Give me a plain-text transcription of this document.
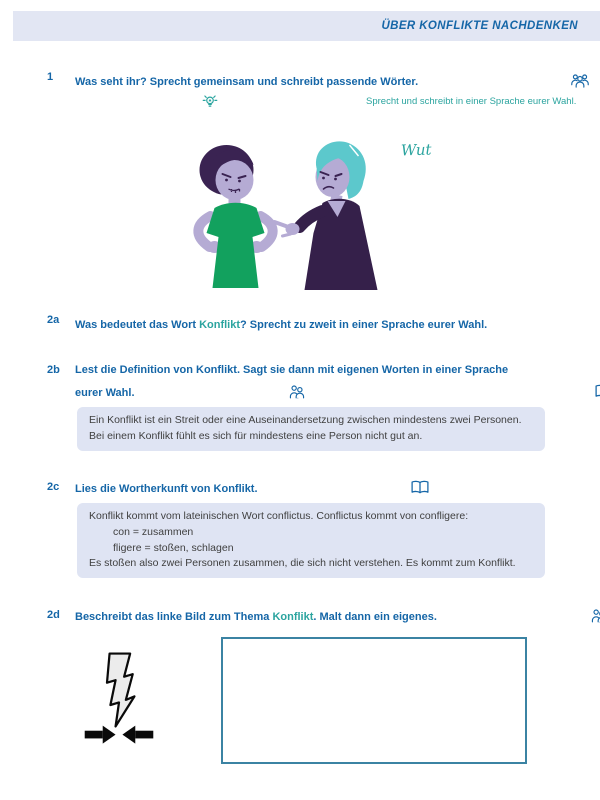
ÜBER KONFLIKTE NACHDENKEN
1	Was seht ihr? Sprecht gemeinsam und schreibt passende Wörter.
Sprecht und schreibt in einer Sprache eurer Wahl.
Wut
2a	Was bedeutet das Wort Konflikt? Sprecht zu zweit in einer Sprache eurer Wahl.
2b	Lest die Definition von Konflikt. Sagt sie dann mit eigenen Worten in einer Sprache
eurer Wahl.
Ein Konflikt ist ein Streit oder eine Auseinandersetzung zwischen mindestens zwei Personen.
Bei einem Konflikt fühlt es sich für mindestens eine Person nicht gut an.
2c	Lies die Wortherkunft von Konflikt.
Konflikt kommt vom lateinischen Wort conflictus. Conflictus kommt von confligere:
con = zusammen
fligere = stoßen, schlagen
Es stoßen also zwei Personen zusammen, die sich nicht verstehen. Es kommt zum Konflikt.
2d	Beschreibt das linke Bild zum Thema Konflikt. Malt dann ein eigenes.
